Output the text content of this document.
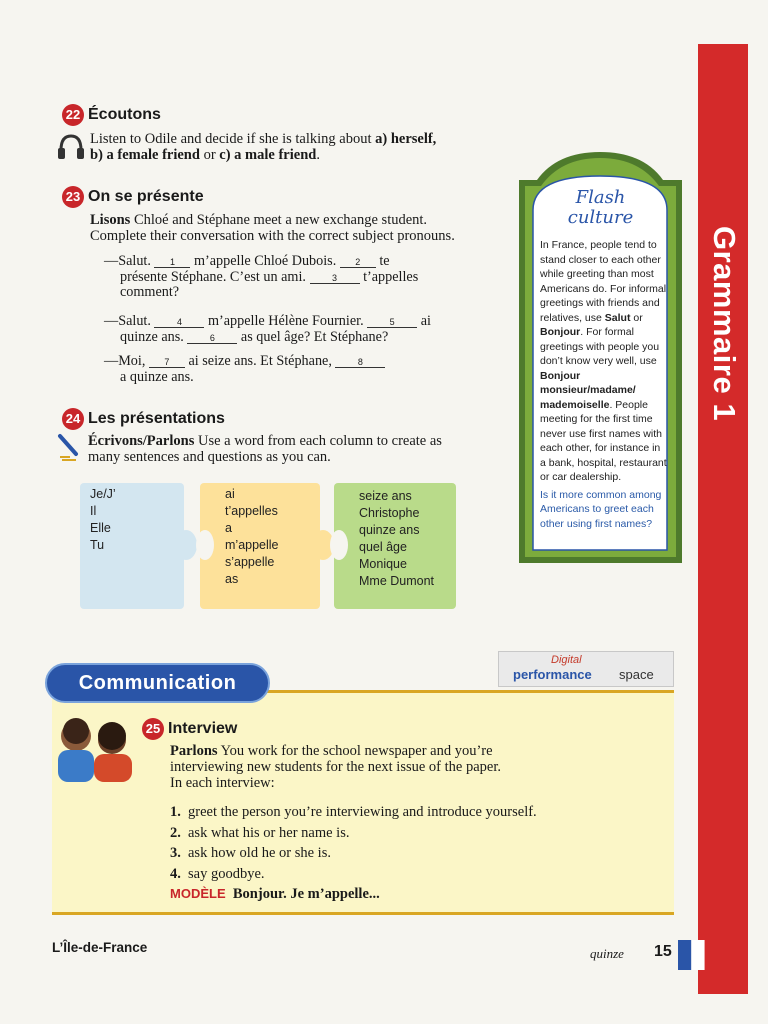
Grammaire 1
22 Écoutons
Listen to Odile and decide if she is talking about a) herself,
b) a female friend or c) a male friend.
23 On se présente
Lisons Chloé and Stéphane meet a new exchange student.
Complete their conversation with the correct subject pronouns.
—Salut. 1 m’appelle Chloé Dubois. 2 te
présente Stéphane. C’est un ami. 3 t’appelles
comment?
—Salut. 4 m’appelle Hélène Fournier. 5 ai
quinze ans. 6 as quel âge? Et Stéphane?
—Moi, 7 ai seize ans. Et Stéphane, 8
a quinze ans.
24 Les présentations
Écrivons/Parlons Use a word from each column to create as
many sentences and questions as you can.
Je/J’
Il
Elle
Tu
ai
t’appelles
a
m’appelle
s’appelle
as
seize ans
Christophe
quinze ans
quel âge
Monique
Mme Dumont
Flash
culture
In France, people tend to stand closer to each other while greeting than most Americans do. For informal greetings with friends and relatives, use Salut or Bonjour. For formal greetings with people you don’t know very well, use Bonjour monsieur/madame/ mademoiselle. People meeting for the first time never use first names with each other, for instance in a bank, hospital, restaurant or car dealership.
Is it more common among Americans to greet each other using first names?
Communication
Digital
performance space
25 Interview
Parlons You work for the school newspaper and you’re
interviewing new students for the next issue of the paper.
In each interview:
1. greet the person you’re interviewing and introduce yourself.
2. ask what his or her name is.
3. ask how old he or she is.
4. say goodbye.
MODÈLE Bonjour. Je m’appelle...
L’Île-de-France	quinze 15
